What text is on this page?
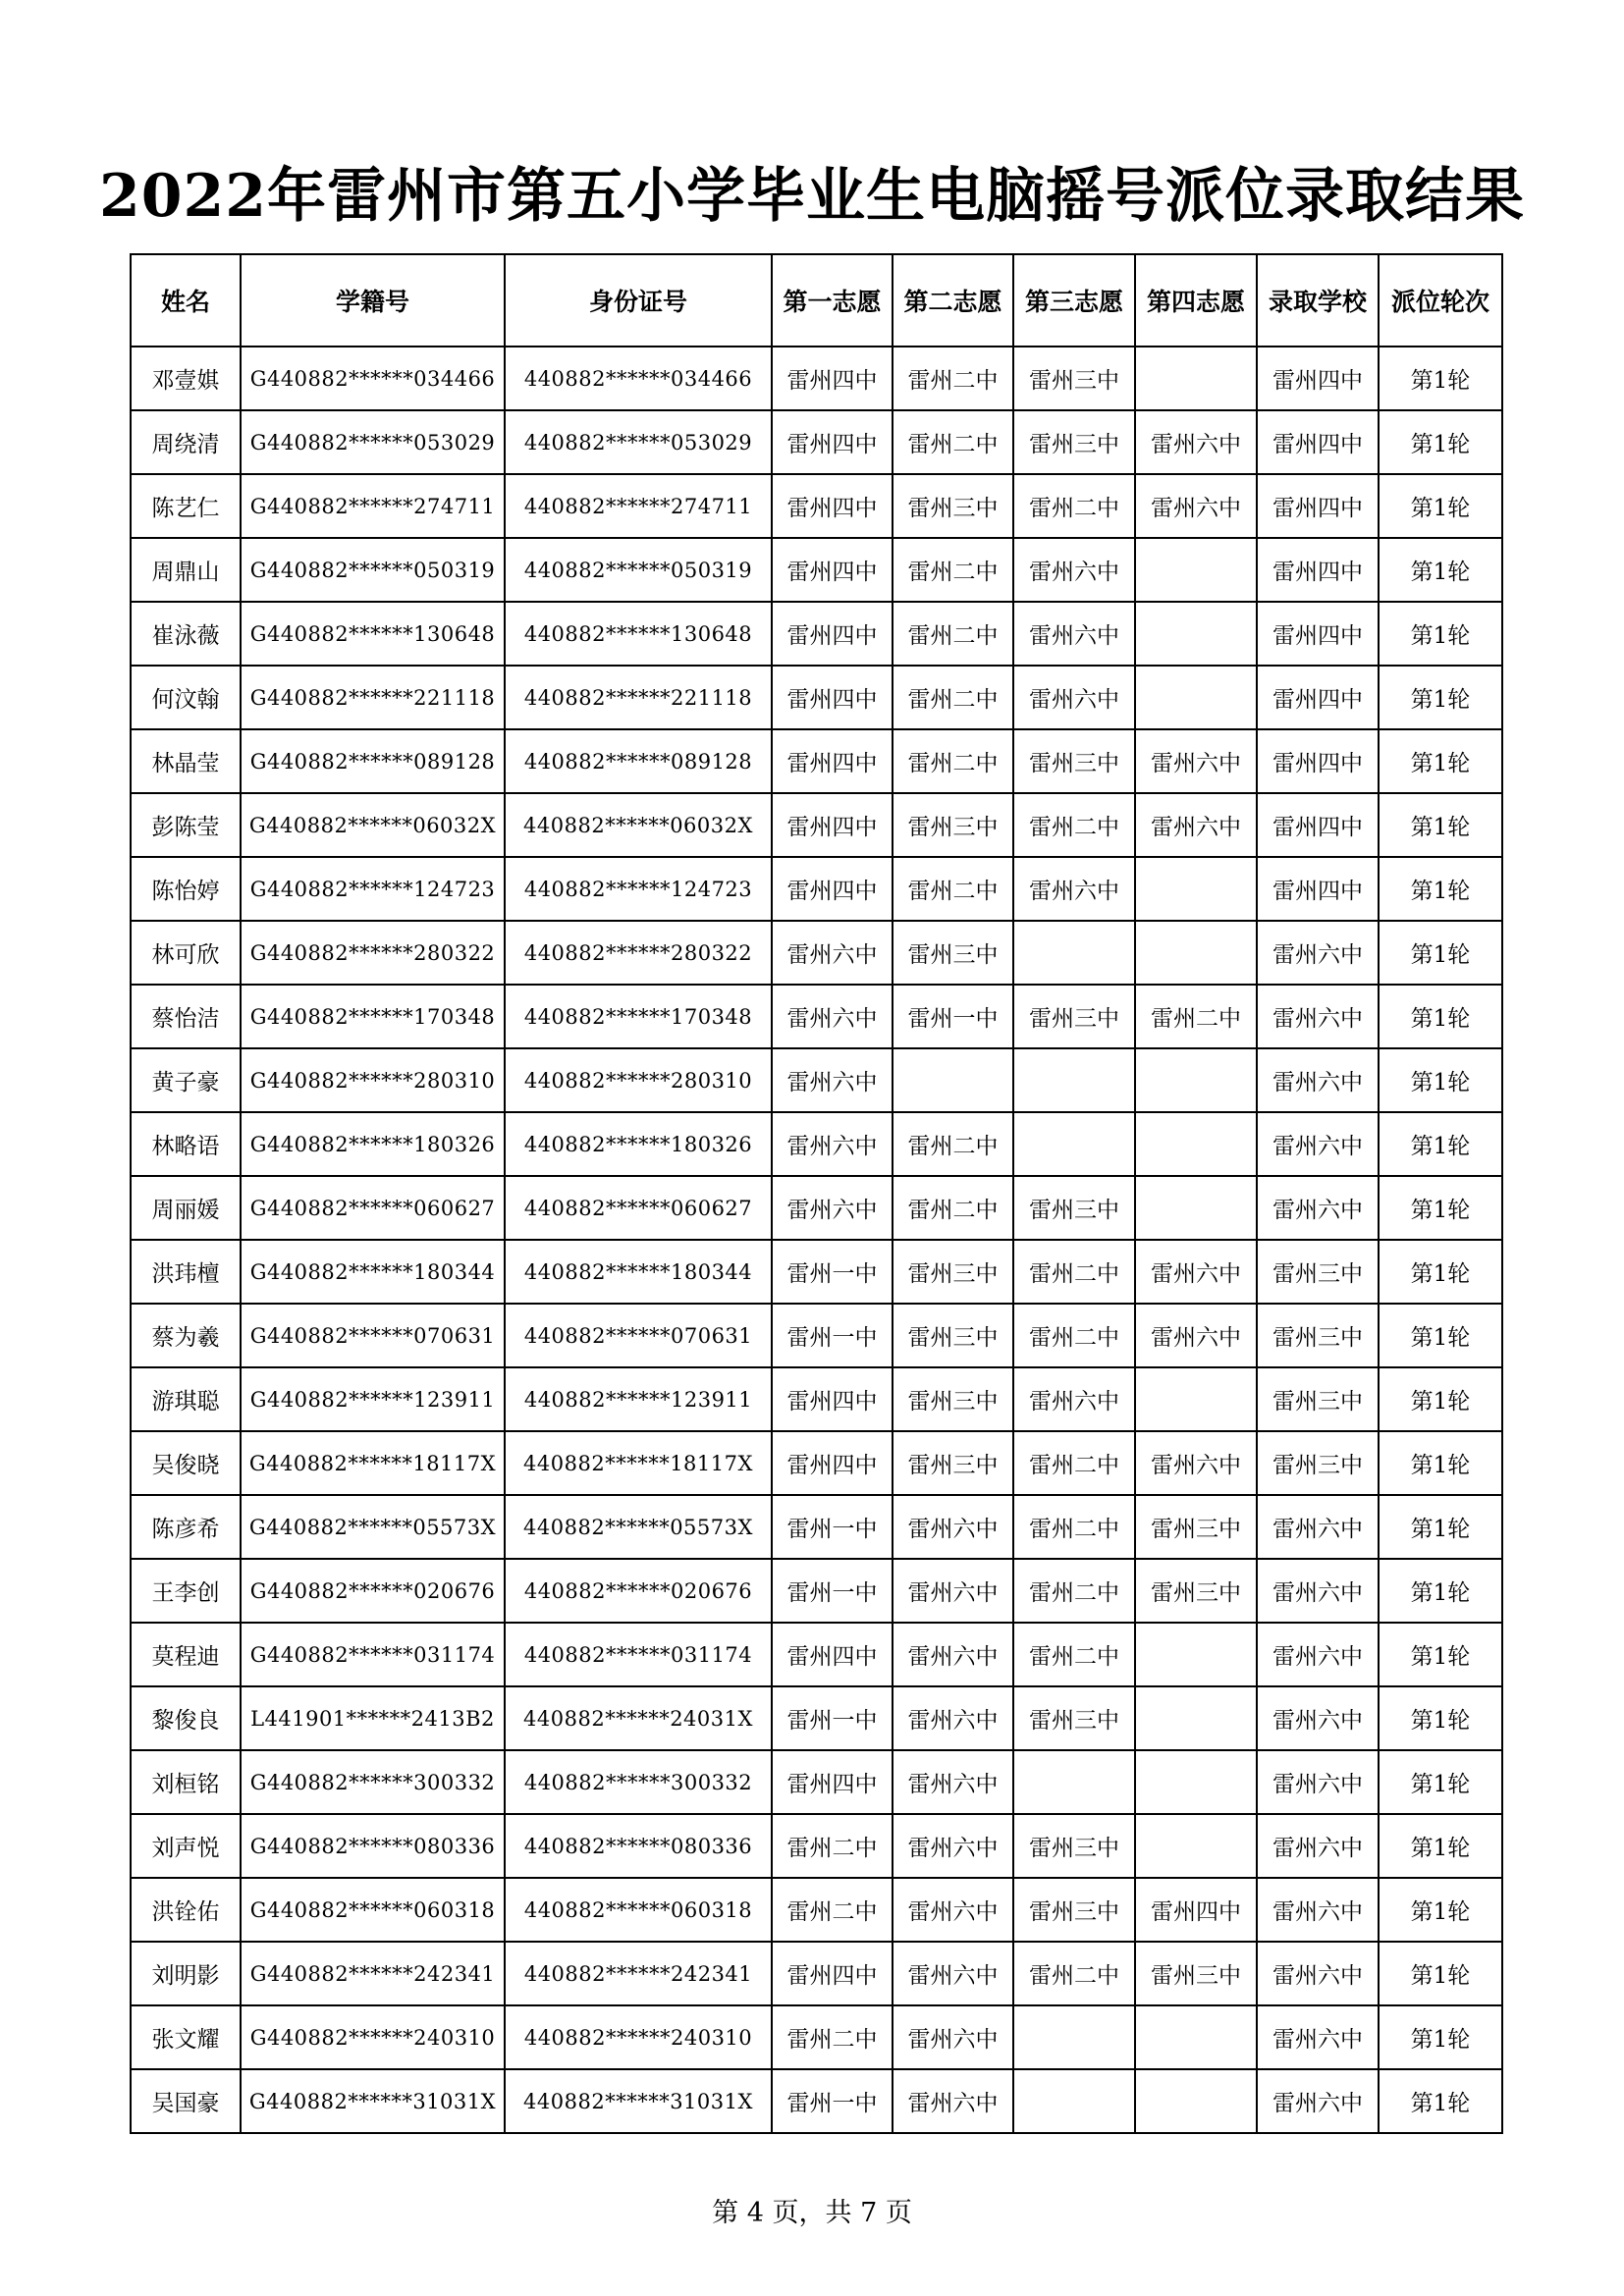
2022年雷州市第五小学毕业生电脑摇号派位录取结果
姓名	学籍号	身份证号	第一志愿	第二志愿	第三志愿	第四志愿	录取学校	派位轮次
邓壹娸	G440882******034466	440882******034466	雷州四中	雷州二中	雷州三中		雷州四中	第1轮
周绕清	G440882******053029	440882******053029	雷州四中	雷州二中	雷州三中	雷州六中	雷州四中	第1轮
陈艺仁	G440882******274711	440882******274711	雷州四中	雷州三中	雷州二中	雷州六中	雷州四中	第1轮
周鼎山	G440882******050319	440882******050319	雷州四中	雷州二中	雷州六中		雷州四中	第1轮
崔泳薇	G440882******130648	440882******130648	雷州四中	雷州二中	雷州六中		雷州四中	第1轮
何汶翰	G440882******221118	440882******221118	雷州四中	雷州二中	雷州六中		雷州四中	第1轮
林晶莹	G440882******089128	440882******089128	雷州四中	雷州二中	雷州三中	雷州六中	雷州四中	第1轮
彭陈莹	G440882******06032X	440882******06032X	雷州四中	雷州三中	雷州二中	雷州六中	雷州四中	第1轮
陈怡婷	G440882******124723	440882******124723	雷州四中	雷州二中	雷州六中		雷州四中	第1轮
林可欣	G440882******280322	440882******280322	雷州六中	雷州三中			雷州六中	第1轮
蔡怡洁	G440882******170348	440882******170348	雷州六中	雷州一中	雷州三中	雷州二中	雷州六中	第1轮
黄子豪	G440882******280310	440882******280310	雷州六中				雷州六中	第1轮
林略语	G440882******180326	440882******180326	雷州六中	雷州二中			雷州六中	第1轮
周丽媛	G440882******060627	440882******060627	雷州六中	雷州二中	雷州三中		雷州六中	第1轮
洪玮檀	G440882******180344	440882******180344	雷州一中	雷州三中	雷州二中	雷州六中	雷州三中	第1轮
蔡为羲	G440882******070631	440882******070631	雷州一中	雷州三中	雷州二中	雷州六中	雷州三中	第1轮
游琪聪	G440882******123911	440882******123911	雷州四中	雷州三中	雷州六中		雷州三中	第1轮
吴俊晓	G440882******18117X	440882******18117X	雷州四中	雷州三中	雷州二中	雷州六中	雷州三中	第1轮
陈彦希	G440882******05573X	440882******05573X	雷州一中	雷州六中	雷州二中	雷州三中	雷州六中	第1轮
王李创	G440882******020676	440882******020676	雷州一中	雷州六中	雷州二中	雷州三中	雷州六中	第1轮
莫程迪	G440882******031174	440882******031174	雷州四中	雷州六中	雷州二中		雷州六中	第1轮
黎俊良	L441901******2413B2	440882******24031X	雷州一中	雷州六中	雷州三中		雷州六中	第1轮
刘桓铭	G440882******300332	440882******300332	雷州四中	雷州六中			雷州六中	第1轮
刘声悦	G440882******080336	440882******080336	雷州二中	雷州六中	雷州三中		雷州六中	第1轮
洪铨佑	G440882******060318	440882******060318	雷州二中	雷州六中	雷州三中	雷州四中	雷州六中	第1轮
刘明影	G440882******242341	440882******242341	雷州四中	雷州六中	雷州二中	雷州三中	雷州六中	第1轮
张文耀	G440882******240310	440882******240310	雷州二中	雷州六中			雷州六中	第1轮
吴国豪	G440882******31031X	440882******31031X	雷州一中	雷州六中			雷州六中	第1轮
第 4 页，共 7 页
